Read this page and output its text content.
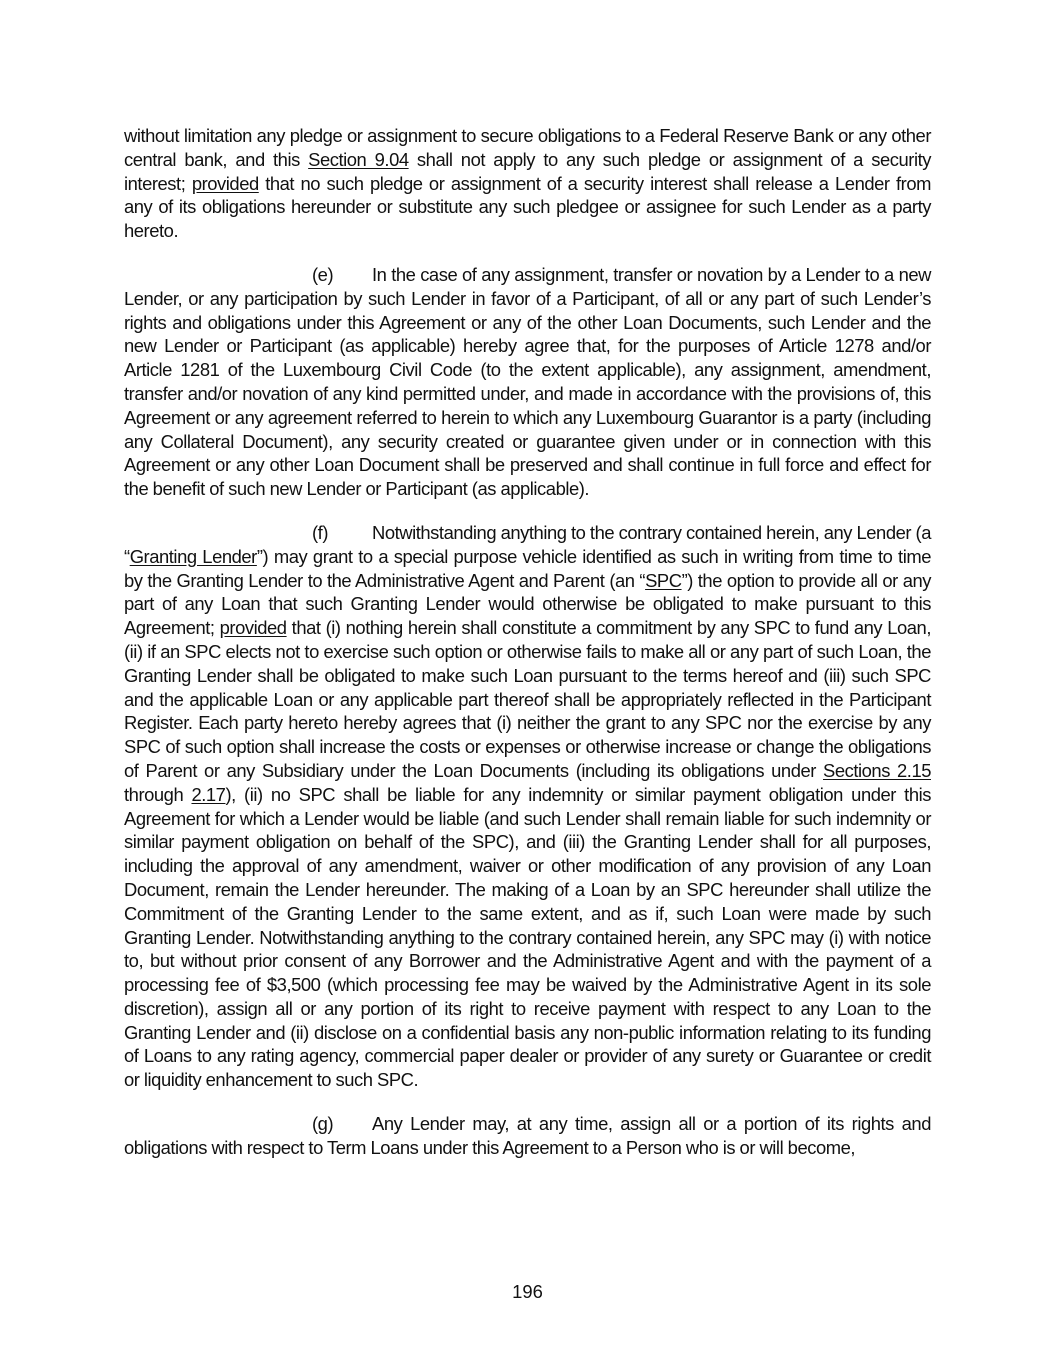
without limitation any pledge or assignment to secure obligations to a Federal Reserve Bank or any other central bank, and this Section 9.04 shall not apply to any such pledge or assignment of a security interest; provided that no such pledge or assignment of a security interest shall release a Lender from any of its obligations hereunder or substitute any such pledgee or assignee for such Lender as a party hereto.

(e) In the case of any assignment, transfer or novation by a Lender to a new Lender, or any participation by such Lender in favor of a Participant, of all or any part of such Lender’s rights and obligations under this Agreement or any of the other Loan Documents, such Lender and the new Lender or Participant (as applicable) hereby agree that, for the purposes of Article 1278 and/or Article 1281 of the Luxembourg Civil Code (to the extent applicable), any assignment, amendment, transfer and/or novation of any kind permitted under, and made in accordance with the provisions of, this Agreement or any agreement referred to herein to which any Luxembourg Guarantor is a party (including any Collateral Document), any security created or guarantee given under or in connection with this Agreement or any other Loan Document shall be preserved and shall continue in full force and effect for the benefit of such new Lender or Participant (as applicable).

(f) Notwithstanding anything to the contrary contained herein, any Lender (a “Granting Lender”) may grant to a special purpose vehicle identified as such in writing from time to time by the Granting Lender to the Administrative Agent and Parent (an “SPC”) the option to provide all or any part of any Loan that such Granting Lender would otherwise be obligated to make pursuant to this Agreement; provided that (i) nothing herein shall constitute a commitment by any SPC to fund any Loan, (ii) if an SPC elects not to exercise such option or otherwise fails to make all or any part of such Loan, the Granting Lender shall be obligated to make such Loan pursuant to the terms hereof and (iii) such SPC and the applicable Loan or any applicable part thereof shall be appropriately reflected in the Participant Register. Each party hereto hereby agrees that (i) neither the grant to any SPC nor the exercise by any SPC of such option shall increase the costs or expenses or otherwise increase or change the obligations of Parent or any Subsidiary under the Loan Documents (including its obligations under Sections 2.15 through 2.17), (ii) no SPC shall be liable for any indemnity or similar payment obligation under this Agreement for which a Lender would be liable (and such Lender shall remain liable for such indemnity or similar payment obligation on behalf of the SPC), and (iii) the Granting Lender shall for all purposes, including the approval of any amendment, waiver or other modification of any provision of any Loan Document, remain the Lender hereunder. The making of a Loan by an SPC hereunder shall utilize the Commitment of the Granting Lender to the same extent, and as if, such Loan were made by such Granting Lender. Notwithstanding anything to the contrary contained herein, any SPC may (i) with notice to, but without prior consent of any Borrower and the Administrative Agent and with the payment of a processing fee of $3,500 (which processing fee may be waived by the Administrative Agent in its sole discretion), assign all or any portion of its right to receive payment with respect to any Loan to the Granting Lender and (ii) disclose on a confidential basis any non-public information relating to its funding of Loans to any rating agency, commercial paper dealer or provider of any surety or Guarantee or credit or liquidity enhancement to such SPC.

(g) Any Lender may, at any time, assign all or a portion of its rights and obligations with respect to Term Loans under this Agreement to a Person who is or will become,

196
